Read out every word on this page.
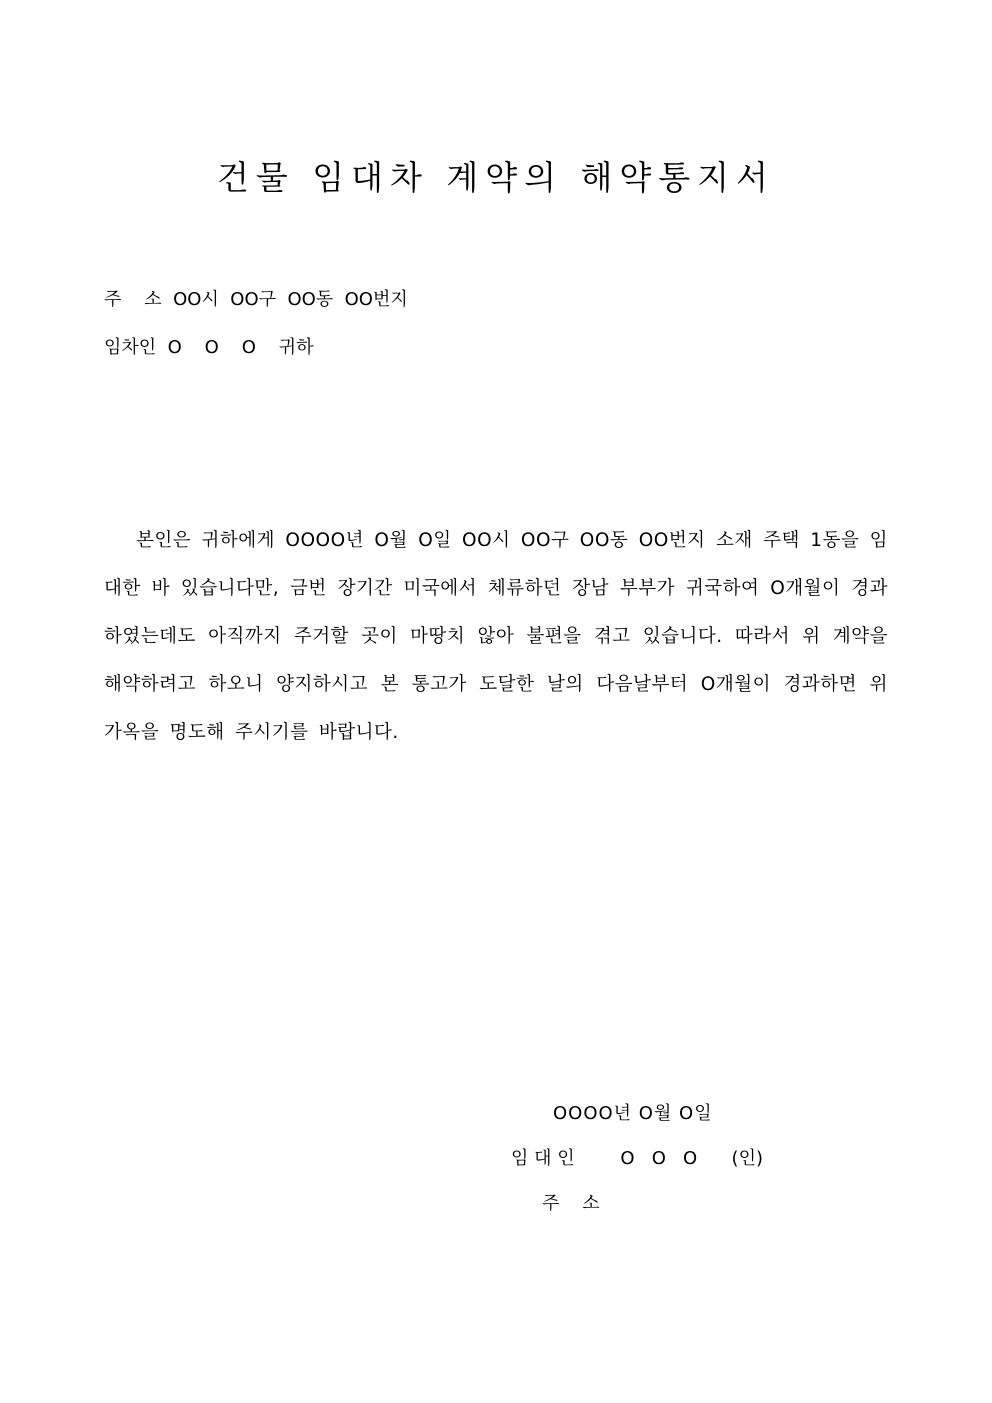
건물 임대차 계약의 해약통지서
주    소  OO시  OO구  OO동  OO번지
임차인  O    O    O    귀하

본인은 귀하에게 OOOO년 O월 O일 OO시 OO구 OO동 OO번지 소재 주택 1동을 임대한 바 있습니다만, 금번 장기간 미국에서 체류하던 장남 부부가 귀국하여 O개월이 경과하였는데도 아직까지 주거할 곳이 마땅치 않아 불편을 겪고 있습니다. 따라서 위 계약을 해약하려고 하오니 양지하시고 본 통고가 도달한 날의 다음날부터 O개월이 경과하면 위 가옥을 명도해 주시기를 바랍니다.

OOOO년 O월 O일
임 대 인        O   O   O      (인)
주    소
